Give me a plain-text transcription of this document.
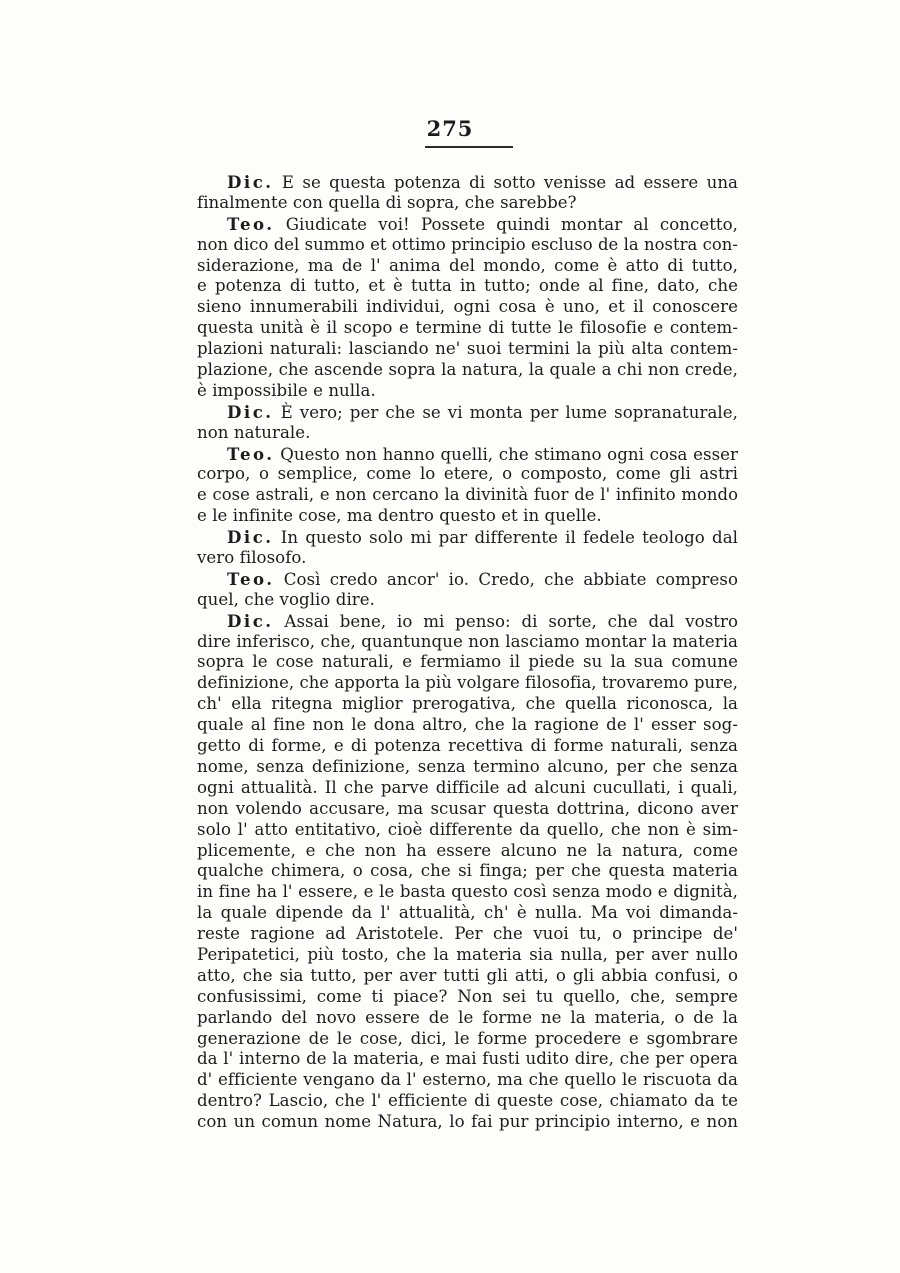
275
Dic. E se questa potenza di sotto venisse ad essere una
finalmente con quella di sopra, che sarebbe?
Teo. Giudicate voi! Possete quindi montar al concetto,
non dico del summo et ottimo principio escluso de la nostra con-
siderazione, ma de l' anima del mondo, come è atto di tutto,
e potenza di tutto, et è tutta in tutto; onde al fine, dato, che
sieno innumerabili individui, ogni cosa è uno, et il conoscere
questa unità è il scopo e termine di tutte le filosofie e contem-
plazioni naturali: lasciando ne' suoi termini la più alta contem-
plazione, che ascende sopra la natura, la quale a chi non crede,
è impossibile e nulla.
Dic. È vero; per che se vi monta per lume sopranaturale,
non naturale.
Teo. Questo non hanno quelli, che stimano ogni cosa esser
corpo, o semplice, come lo etere, o composto, come gli astri
e cose astrali, e non cercano la divinità fuor de l' infinito mondo
e le infinite cose, ma dentro questo et in quelle.
Dic. In questo solo mi par differente il fedele teologo dal
vero filosofo.
Teo. Così credo ancor' io. Credo, che abbiate compreso
quel, che voglio dire.
Dic. Assai bene, io mi penso: di sorte, che dal vostro
dire inferisco, che, quantunque non lasciamo montar la materia
sopra le cose naturali, e fermiamo il piede su la sua comune
definizione, che apporta la più volgare filosofia, trovaremo pure,
ch' ella ritegna miglior prerogativa, che quella riconosca, la
quale al fine non le dona altro, che la ragione de l' esser sog-
getto di forme, e di potenza recettiva di forme naturali, senza
nome, senza definizione, senza termino alcuno, per che senza
ogni attualità. Il che parve difficile ad alcuni cucullati, i quali,
non volendo accusare, ma scusar questa dottrina, dicono aver
solo l' atto entitativo, cioè differente da quello, che non è sim-
plicemente, e che non ha essere alcuno ne la natura, come
qualche chimera, o cosa, che si finga; per che questa materia
in fine ha l' essere, e le basta questo così senza modo e dignità,
la quale dipende da l' attualità, ch' è nulla. Ma voi dimanda-
reste ragione ad Aristotele. Per che vuoi tu, o principe de'
Peripatetici, più tosto, che la materia sia nulla, per aver nullo
atto, che sia tutto, per aver tutti gli atti, o gli abbia confusi, o
confusissimi, come ti piace? Non sei tu quello, che, sempre
parlando del novo essere de le forme ne la materia, o de la
generazione de le cose, dici, le forme procedere e sgombrare
da l' interno de la materia, e mai fusti udito dire, che per opera
d' efficiente vengano da l' esterno, ma che quello le riscuota da
dentro? Lascio, che l' efficiente di queste cose, chiamato da te
con un comun nome Natura, lo fai pur principio interno, e non
